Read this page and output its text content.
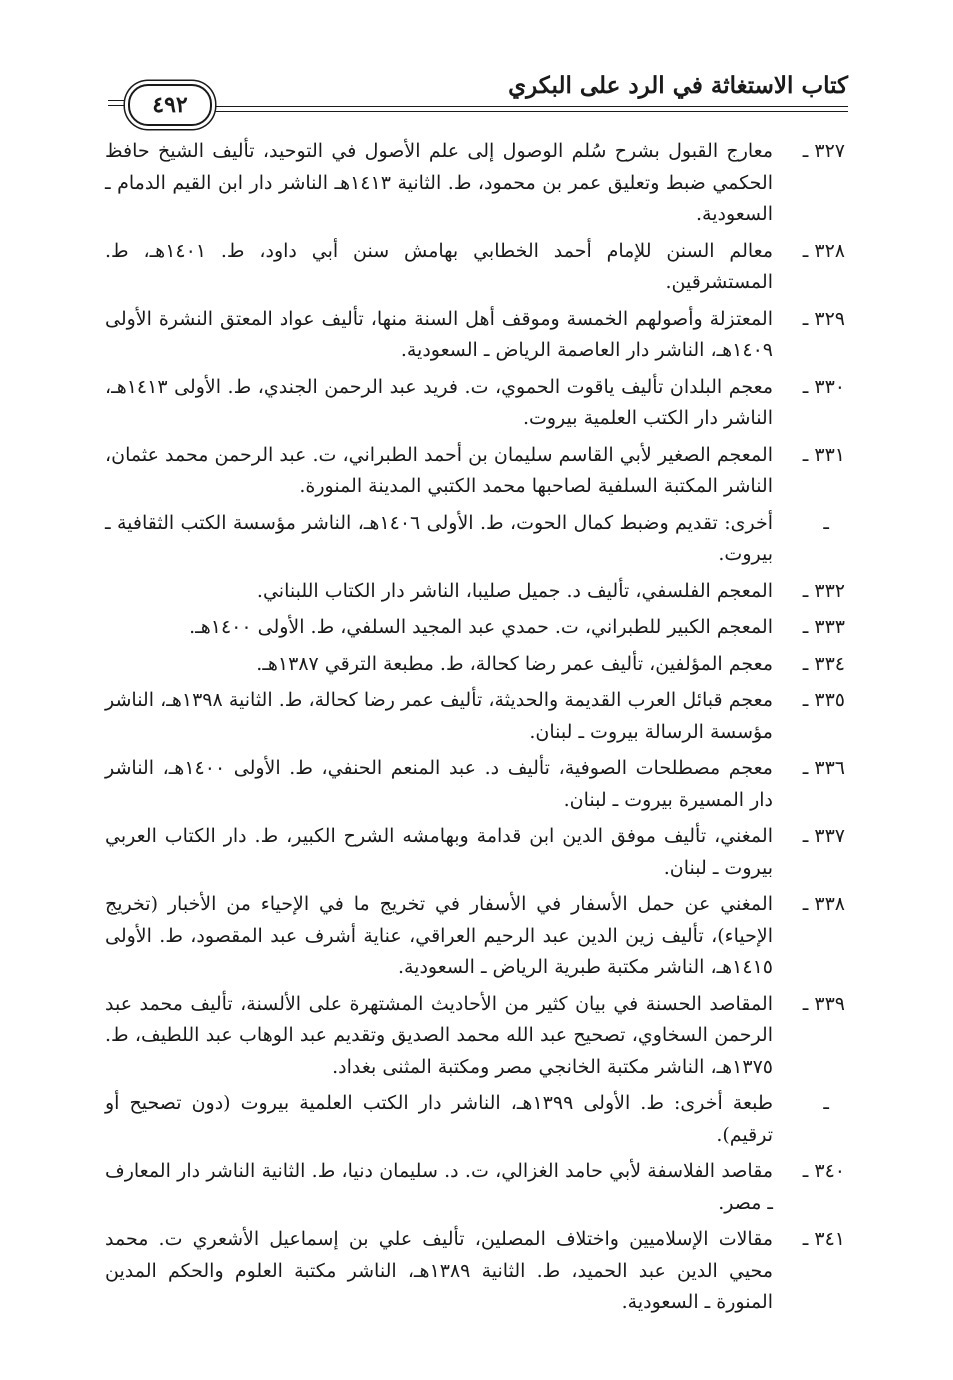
كتاب الاستغاثة في الرد على البكري
٤٩٢
٣٢٧ ـ
معارج القبول بشرح سُلم الوصول إلى علم الأصول في التوحيد، تأليف الشيخ حافظ الحكمي ضبط وتعليق عمر بن محمود، ط. الثانية ١٤١٣هـ الناشر دار ابن القيم الدمام ـ السعودية.
٣٢٨ ـ
معالم السنن للإمام أحمد الخطابي بهامش سنن أبي داود، ط. ١٤٠١هـ، ط. المستشرقين.
٣٢٩ ـ
المعتزلة وأصولهم الخمسة وموقف أهل السنة منها، تأليف عواد المعتق النشرة الأولى ١٤٠٩هـ، الناشر دار العاصمة الرياض ـ السعودية.
٣٣٠ ـ
معجم البلدان تأليف ياقوت الحموي، ت. فريد عبد الرحمن الجندي، ط. الأولى ١٤١٣هـ، الناشر دار الكتب العلمية بيروت.
٣٣١ ـ
المعجم الصغير لأبي القاسم سليمان بن أحمد الطبراني، ت. عبد الرحمن محمد عثمان، الناشر المكتبة السلفية لصاحبها محمد الكتبي المدينة المنورة.
ـ
أخرى: تقديم وضبط كمال الحوت، ط. الأولى ١٤٠٦هـ، الناشر مؤسسة الكتب الثقافية ـ بيروت.
٣٣٢ ـ
المعجم الفلسفي، تأليف د. جميل صليبا، الناشر دار الكتاب اللبناني.
٣٣٣ ـ
المعجم الكبير للطبراني، ت. حمدي عبد المجيد السلفي، ط. الأولى ١٤٠٠هـ.
٣٣٤ ـ
معجم المؤلفين، تأليف عمر رضا كحالة، ط. مطبعة الترقي ١٣٨٧هـ.
٣٣٥ ـ
معجم قبائل العرب القديمة والحديثة، تأليف عمر رضا كحالة، ط. الثانية ١٣٩٨هـ، الناشر مؤسسة الرسالة بيروت ـ لبنان.
٣٣٦ ـ
معجم مصطلحات الصوفية، تأليف د. عبد المنعم الحنفي، ط. الأولى ١٤٠٠هـ، الناشر دار المسيرة بيروت ـ لبنان.
٣٣٧ ـ
المغني، تأليف موفق الدين ابن قدامة وبهامشه الشرح الكبير، ط. دار الكتاب العربي بيروت ـ لبنان.
٣٣٨ ـ
المغني عن حمل الأسفار في الأسفار في تخريج ما في الإحياء من الأخبار (تخريج الإحياء)، تأليف زين الدين عبد الرحيم العراقي، عناية أشرف عبد المقصود، ط. الأولى ١٤١٥هـ، الناشر مكتبة طبرية الرياض ـ السعودية.
٣٣٩ ـ
المقاصد الحسنة في بيان كثير من الأحاديث المشتهرة على الألسنة، تأليف محمد عبد الرحمن السخاوي، تصحيح عبد الله محمد الصديق وتقديم عبد الوهاب عبد اللطيف، ط. ١٣٧٥هـ، الناشر مكتبة الخانجي مصر ومكتبة المثنى بغداد.
ـ
طبعة أخرى: ط. الأولى ١٣٩٩هـ، الناشر دار الكتب العلمية بيروت (دون تصحيح أو ترقيم).
٣٤٠ ـ
مقاصد الفلاسفة لأبي حامد الغزالي، ت. د. سليمان دنيا، ط. الثانية الناشر دار المعارف ـ مصر.
٣٤١ ـ
مقالات الإسلاميين واختلاف المصلين، تأليف علي بن إسماعيل الأشعري ت. محمد محيي الدين عبد الحميد، ط. الثانية ١٣٨٩هـ، الناشر مكتبة العلوم والحكم المدين المنورة ـ السعودية.
